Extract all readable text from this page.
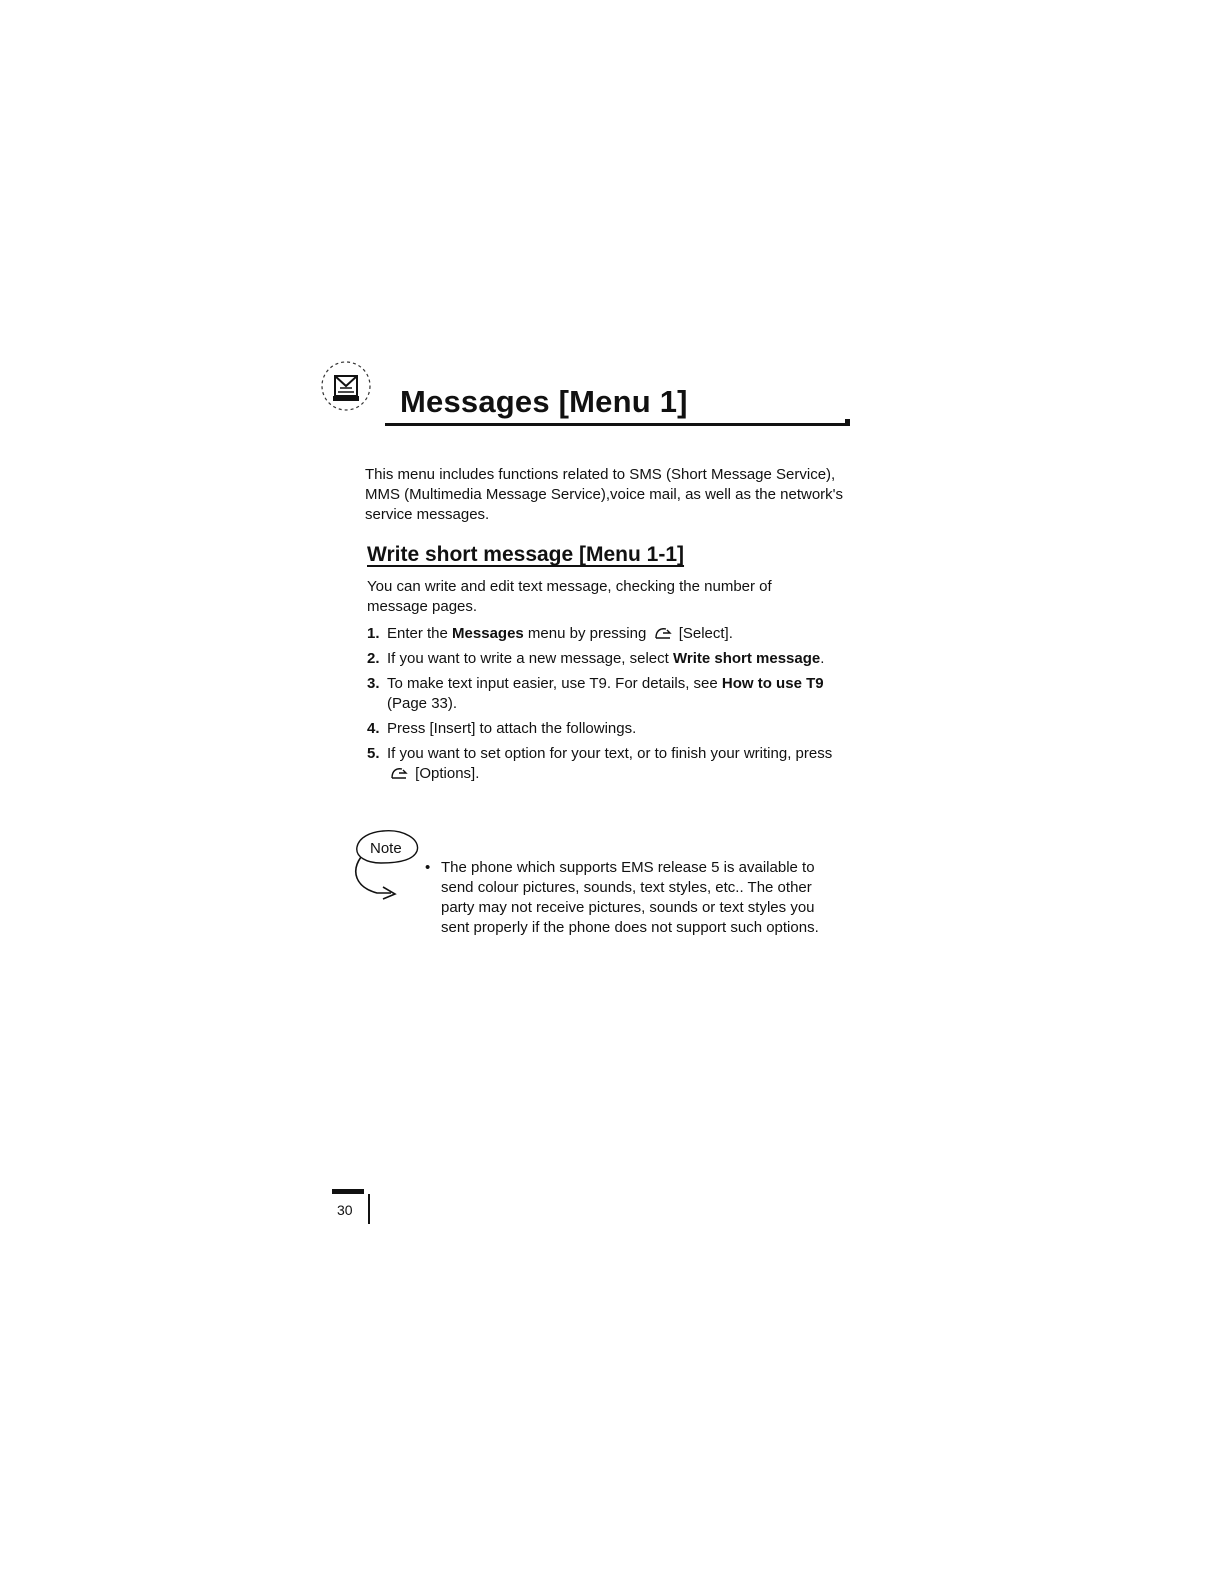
Messages [Menu 1]
This menu includes functions related to SMS (Short Message Service), MMS (Multimedia Message Service),voice mail, as well as the network's service messages.
Write short message [Menu 1-1]
You can write and edit text message, checking the number of message pages.
1. Enter the Messages menu by pressing [Select].
2. If you want to write a new message, select Write short message.
3. To make text input easier, use T9. For details, see How to use T9 (Page 33).
4. Press [Insert] to attach the followings.
5. If you want to set option for your text, or to finish your writing, press  [Options].
Note
• The phone which supports EMS release 5 is available to send colour pictures, sounds, text styles, etc.. The other party may not receive pictures, sounds or text styles you sent properly if the phone does not support such options.
30
